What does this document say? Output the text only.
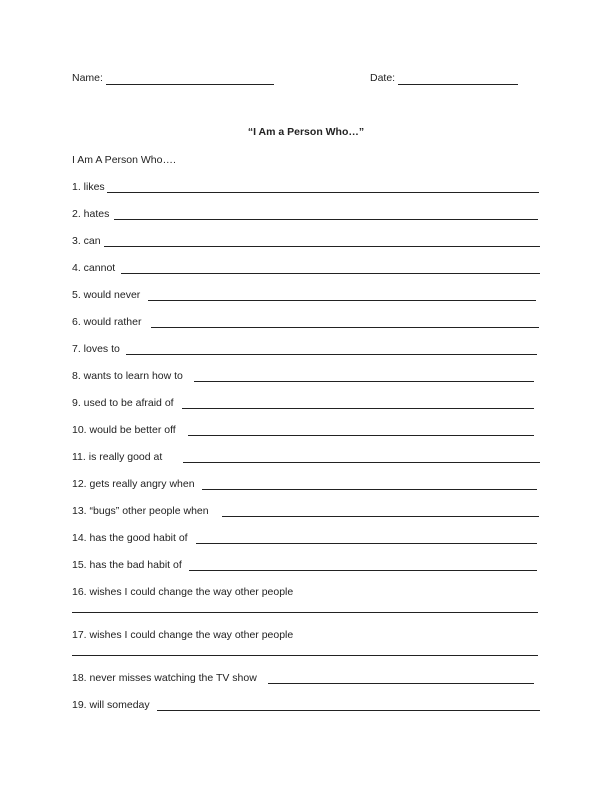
Name:	Date:
“I Am a Person Who…”
I Am A Person Who….
1. likes
2. hates
3. can
4. cannot
5. would never
6. would rather
7. loves to
8. wants to learn how to
9. used to be afraid of
10. would be better off
11. is really good at
12. gets really angry when
13. “bugs” other people when
14. has the good habit of
15. has the bad habit of
16. wishes I could change the way other people
17. wishes I could change the way other people
18. never misses watching the TV show
19. will someday
